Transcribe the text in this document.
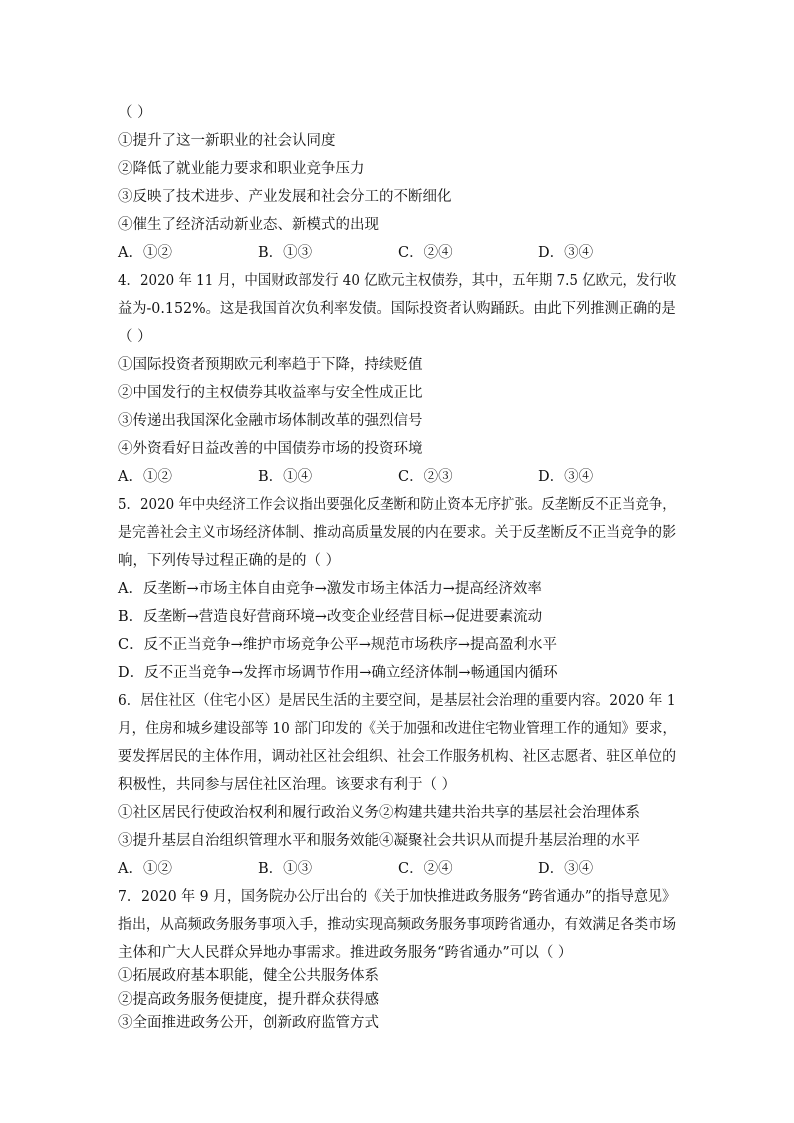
（ ）
①提升了这一新职业的社会认同度
②降低了就业能力要求和职业竞争压力
③反映了技术进步、产业发展和社会分工的不断细化
④催生了经济活动新业态、新模式的出现
A．①②	B．①③	C．②④	D．③④
4．2020 年 11 月，中国财政部发行 40 亿欧元主权债券，其中，五年期 7.5 亿欧元，发行收
益为-0.152%。这是我国首次负利率发债。国际投资者认购踊跃。由此下列推测正确的是
（ ）
①国际投资者预期欧元利率趋于下降，持续贬值
②中国发行的主权债券其收益率与安全性成正比
③传递出我国深化金融市场体制改革的强烈信号
④外资看好日益改善的中国债券市场的投资环境
A．①②	B．①④	C．②③	D．③④
5．2020 年中央经济工作会议指出要强化反垄断和防止资本无序扩张。反垄断反不正当竞争，
是完善社会主义市场经济体制、推动高质量发展的内在要求。关于反垄断反不正当竞争的影
响，下列传导过程正确的是的（ ）
A．反垄断→市场主体自由竞争→激发市场主体活力→提高经济效率
B．反垄断→营造良好营商环境→改变企业经营目标→促进要素流动
C．反不正当竞争→维护市场竞争公平→规范市场秩序→提高盈利水平
D．反不正当竞争→发挥市场调节作用→确立经济体制→畅通国内循环
6．居住社区（住宅小区）是居民生活的主要空间，是基层社会治理的重要内容。2020 年 1
月，住房和城乡建设部等 10 部门印发的《关于加强和改进住宅物业管理工作的通知》要求，
要发挥居民的主体作用，调动社区社会组织、社会工作服务机构、社区志愿者、驻区单位的
积极性，共同参与居住社区治理。该要求有利于（ ）
①社区居民行使政治权利和履行政治义务②构建共建共治共享的基层社会治理体系
③提升基层自治组织管理水平和服务效能④凝聚社会共识从而提升基层治理的水平
A．①②	B．①③	C．②④	D．③④
7．2020 年 9 月，国务院办公厅出台的《关于加快推进政务服务“跨省通办”的指导意见》
指出，从高频政务服务事项入手，推动实现高频政务服务事项跨省通办，有效满足各类市场
主体和广大人民群众异地办事需求。推进政务服务“跨省通办”可以（ ）
①拓展政府基本职能，健全公共服务体系
②提高政务服务便捷度，提升群众获得感
③全面推进政务公开，创新政府监管方式
